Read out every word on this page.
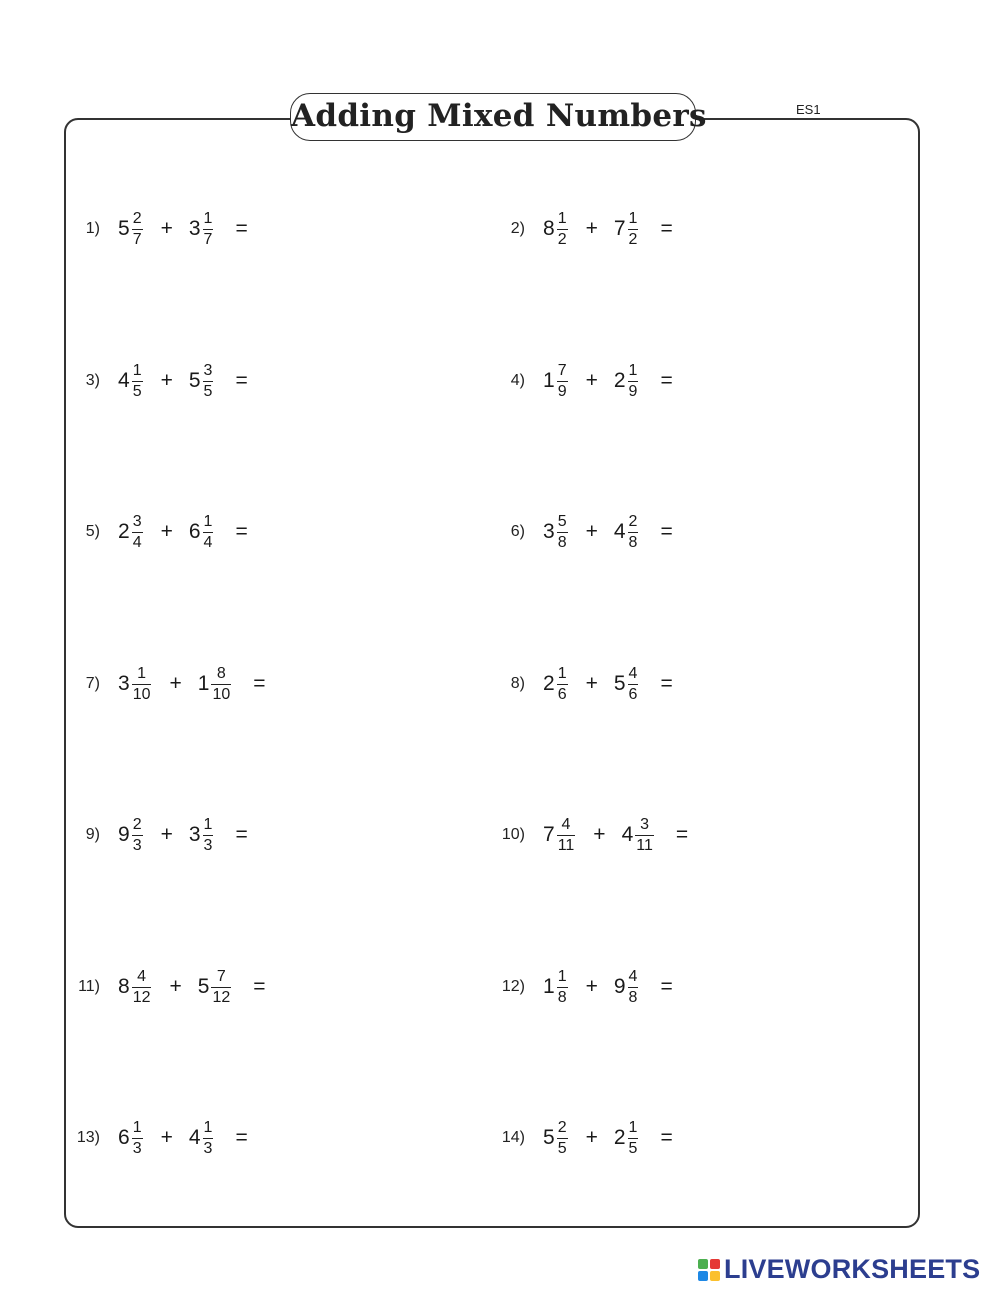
Adding Mixed Numbers	ES1
1) $5 \frac{2}{7} + 3 \frac{1}{7}$ =	2) $8 \frac{1}{2} + 7 \frac{1}{2}$ =
3) $4 \frac{1}{5} + 5 \frac{3}{5}$ =	4) $1 \frac{7}{9} + 2 \frac{1}{9}$ =
5) $2 \frac{3}{4} + 6 \frac{1}{4}$ =	6) $3 \frac{5}{8} + 4 \frac{2}{8}$ =
7) $3 \frac{1}{10} + 1 \frac{8}{10}$ =	8) $2 \frac{1}{6} + 5 \frac{4}{6}$ =
9) $9 \frac{2}{3} + 3 \frac{1}{3}$ =	10) $7 \frac{4}{11} + 4 \frac{3}{11}$ =
11) $8 \frac{4}{12} + 5 \frac{7}{12}$ =	12) $1 \frac{1}{8} + 9 \frac{4}{8}$ =
13) $6 \frac{1}{3} + 4 \frac{1}{3}$ =	14) $5 \frac{2}{5} + 2 \frac{1}{5}$ =
LIVEWORKSHEETS
